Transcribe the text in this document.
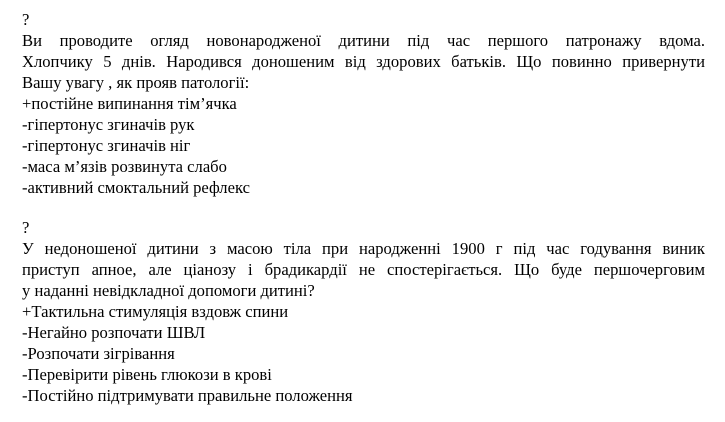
?
Ви проводите огляд новонародженої дитини під час першого патронажу вдома.
Хлопчику 5 днів. Народився доношеним від здорових батьків. Що повинно привернути
Вашу увагу , як прояв патології:
+постійне випинання тім’ячка
-гіпертонус згиначів рук
-гіпертонус згиначів ніг
-маса м’язів розвинута слабо
-активний смоктальний рефлекс
?
У недоношеної дитини з масою тіла при народженні 1900 г під час годування виник
приступ апное, але ціанозу і брадикардії не спостерігається. Що буде першочерговим
у наданні невідкладної допомоги дитині?
+Тактильна стимуляція вздовж спини
-Негайно розпочати ШВЛ
-Розпочати зігрівання
-Перевірити рівень глюкози в крові
-Постійно підтримувати правильне положення
